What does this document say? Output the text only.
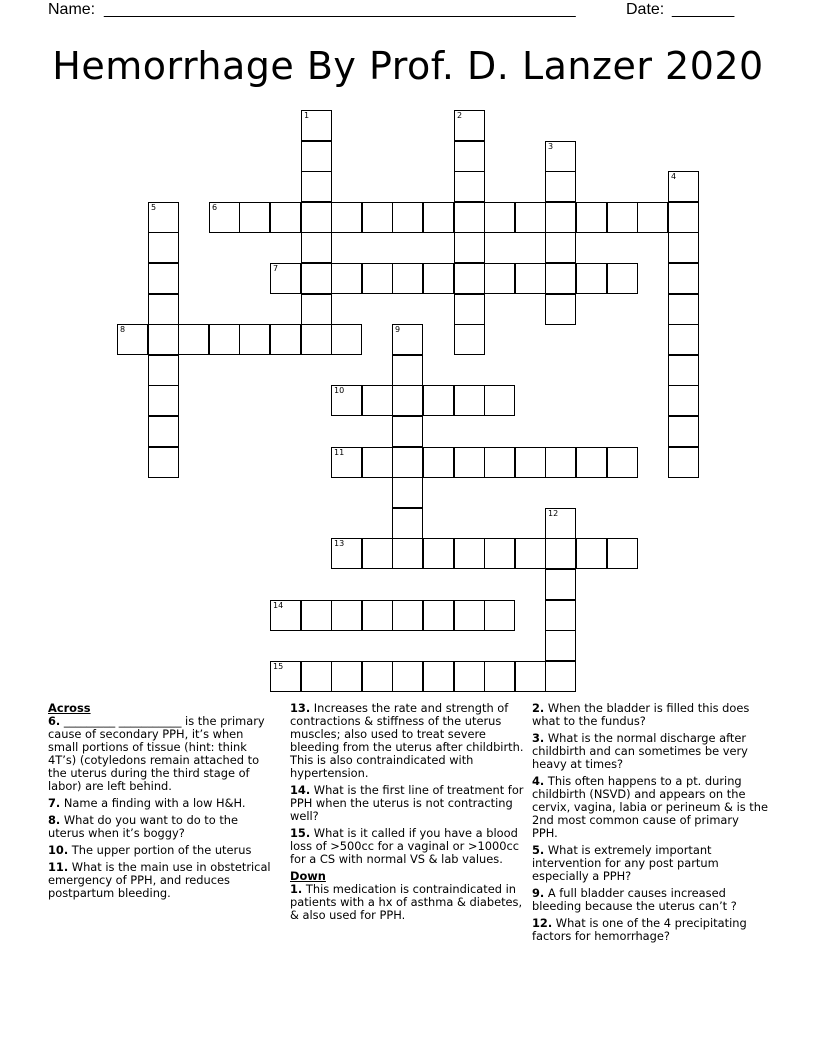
Name: _____________________________________________________	Date: _______
Hemorrhage By Prof. D. Lanzer 2020
1	2
3
4
5	6
7
8	9
10
11
12
13
14
15

Across

6. _________ ___________ is the primary cause of secondary PPH, it’s when small portions of tissue (hint: think 4T’s) (cotyledons remain attached to the uterus during the third stage of labor) are left behind.

7. Name a finding with a low H&H.

8. What do you want to do to the uterus when it’s boggy?

10. The upper portion of the uterus

11. What is the main use in obstetrical emergency of PPH, and reduces postpartum bleeding.

13. Increases the rate and strength of contractions & stiffness of the uterus muscles; also used to treat severe bleeding from the uterus after childbirth. This is also contraindicated with hypertension.

14. What is the first line of treatment for PPH when the uterus is not contracting well?

15. What is it called if you have a blood loss of >500cc for a vaginal or >1000cc for a CS with normal VS & lab values.

Down

1. This medication is contraindicated in patients with a hx of asthma & diabetes, & also used for PPH.

2. When the bladder is filled this does what to the fundus?

3. What is the normal discharge after childbirth and can sometimes be very heavy at times?

4. This often happens to a pt. during childbirth (NSVD) and appears on the cervix, vagina, labia or perineum & is the 2nd most common cause of primary PPH.

5. What is extremely important intervention for any post partum especially a PPH?

9. A full bladder causes increased bleeding because the uterus can’t ?

12. What is one of the 4 precipitating factors for hemorrhage?
